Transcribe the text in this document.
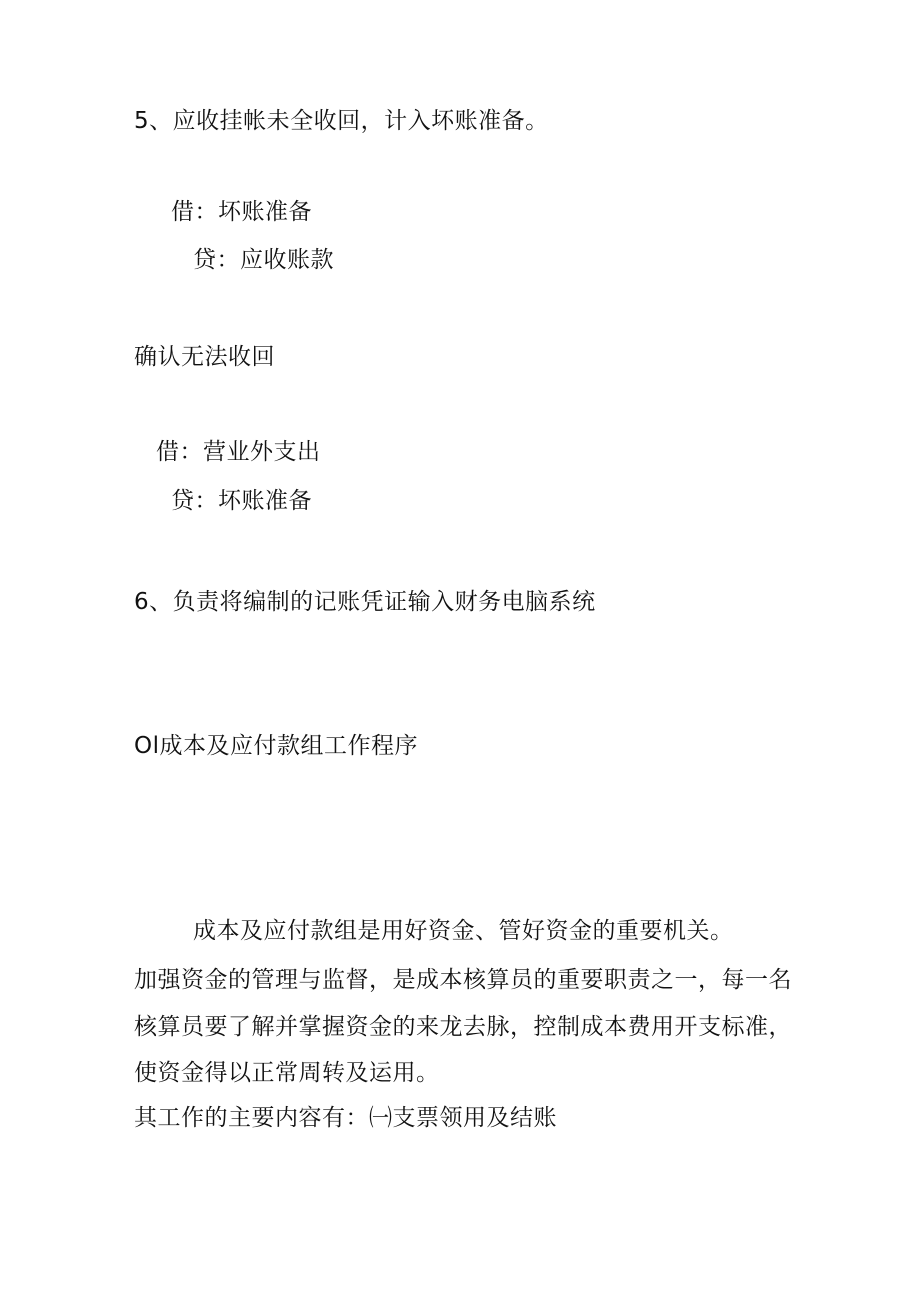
5、应收挂帐未全收回，计入坏账准备。
借：坏账准备
贷：应收账款
确认无法收回
借：营业外支出
贷：坏账准备
6、负责将编制的记账凭证输入财务电脑系统
Ol成本及应付款组工作程序
成本及应付款组是用好资金、管好资金的重要机关。
加强资金的管理与监督，是成本核算员的重要职责之一，每一名
核算员要了解并掌握资金的来龙去脉，控制成本费用开支标准，
使资金得以正常周转及运用。
其工作的主要内容有：㈠支票领用及结账
